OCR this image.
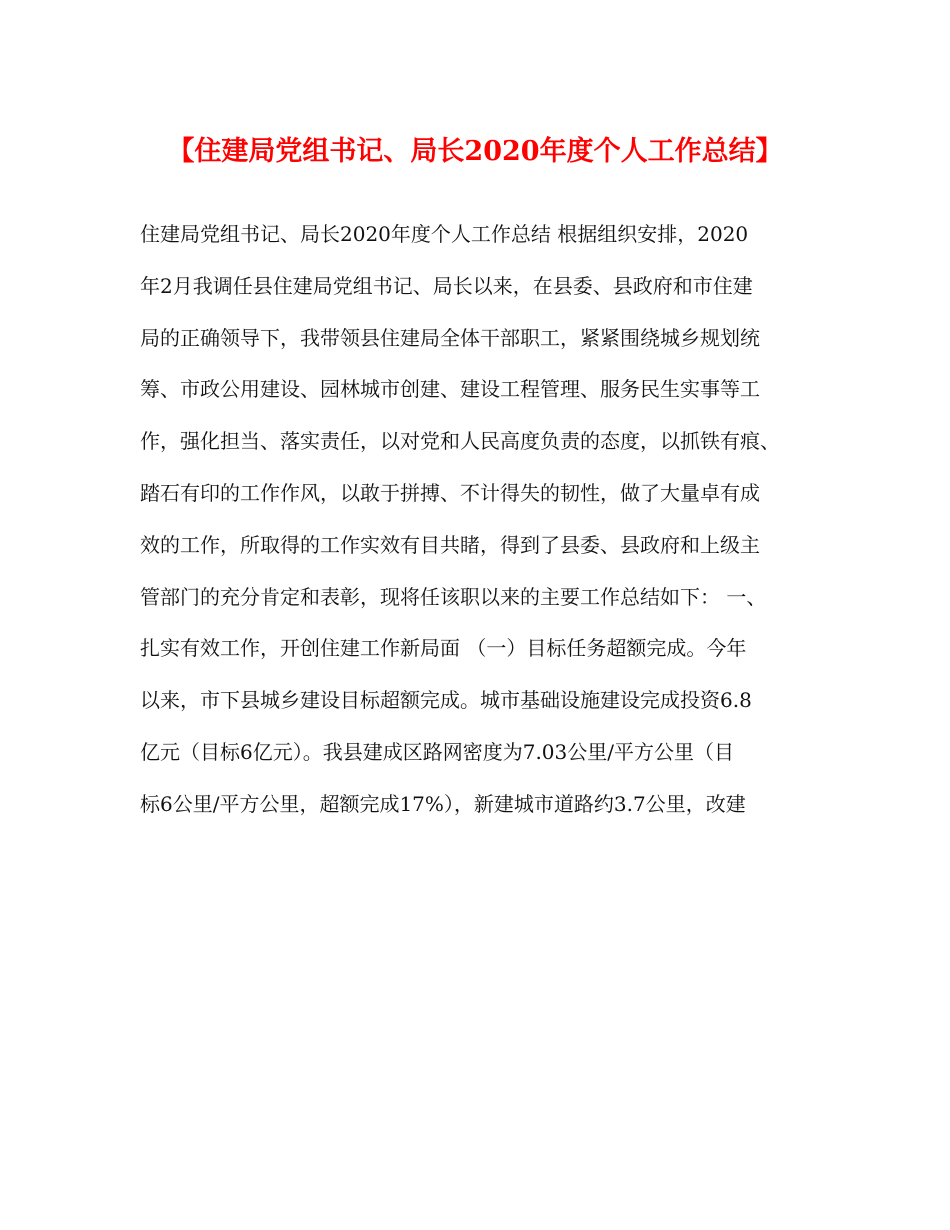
【住建局党组书记、局长2020年度个人工作总结】
住建局党组书记、局长2020年度个人工作总结 根据组织安排，2020
年2月我调任县住建局党组书记、局长以来，在县委、县政府和市住建
局的正确领导下，我带领县住建局全体干部职工，紧紧围绕城乡规划统
筹、市政公用建设、园林城市创建、建设工程管理、服务民生实事等工
作，强化担当、落实责任，以对党和人民高度负责的态度，以抓铁有痕、
踏石有印的工作作风，以敢于拼搏、不计得失的韧性，做了大量卓有成
效的工作，所取得的工作实效有目共睹，得到了县委、县政府和上级主
管部门的充分肯定和表彰，现将任该职以来的主要工作总结如下： 一、
扎实有效工作，开创住建工作新局面 （一）目标任务超额完成。今年
以来，市下县城乡建设目标超额完成。城市基础设施建设完成投资6.8
亿元（目标6亿元）。我县建成区路网密度为7.03公里/平方公里（目
标6公里/平方公里，超额完成17%），新建城市道路约3.7公里，改建
